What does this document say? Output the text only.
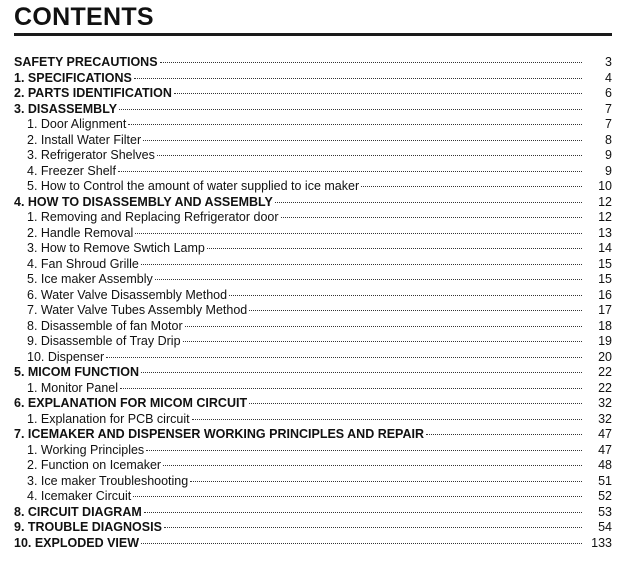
CONTENTS
SAFETY PRECAUTIONS	3
1. SPECIFICATIONS	4
2. PARTS IDENTIFICATION	6
3. DISASSEMBLY	7
1. Door Alignment	7
2. Install Water Filter	8
3. Refrigerator Shelves	9
4. Freezer Shelf	9
5. How to Control the amount of water supplied to ice maker	10
4. HOW TO DISASSEMBLY AND ASSEMBLY	12
1. Removing and Replacing Refrigerator door	12
2. Handle Removal	13
3. How to Remove Swtich Lamp	14
4. Fan Shroud Grille	15
5. Ice maker Assembly	15
6. Water Valve Disassembly Method	16
7. Water Valve Tubes Assembly Method	17
8. Disassemble of fan Motor	18
9. Disassemble of Tray Drip	19
10. Dispenser	20
5. MICOM FUNCTION	22
1. Monitor Panel	22
6. EXPLANATION FOR MICOM CIRCUIT	32
1. Explanation for PCB circuit	32
7. ICEMAKER AND DISPENSER WORKING PRINCIPLES AND REPAIR	47
1. Working Principles	47
2. Function on Icemaker	48
3. Ice maker Troubleshooting	51
4. Icemaker Circuit	52
8. CIRCUIT DIAGRAM	53
9. TROUBLE DIAGNOSIS	54
10. EXPLODED VIEW	133
